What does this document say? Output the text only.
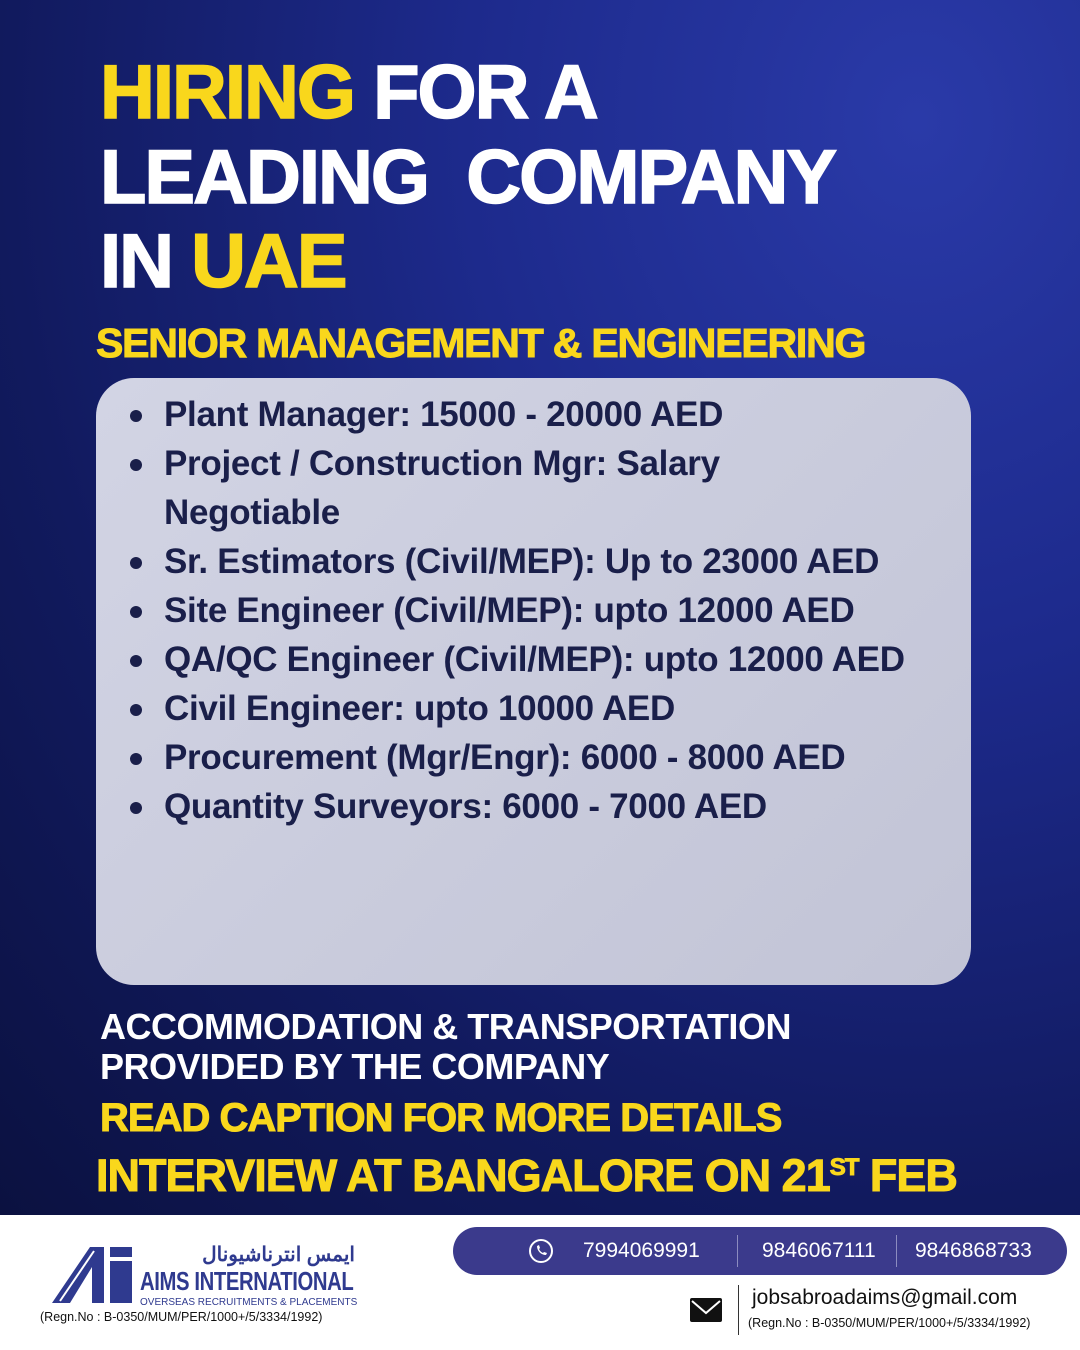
HIRING FOR A
LEADING  COMPANY
IN UAE
SENIOR MANAGEMENT & ENGINEERING
Plant Manager: 15000 - 20000 AED
Project / Construction Mgr: Salary Negotiable
Sr. Estimators (Civil/MEP): Up to 23000 AED
Site Engineer (Civil/MEP): upto 12000 AED
QA/QC Engineer (Civil/MEP): upto 12000 AED
Civil Engineer: upto 10000 AED
Procurement (Mgr/Engr): 6000 - 8000 AED
Quantity Surveyors: 6000 - 7000 AED
ACCOMMODATION & TRANSPORTATION
PROVIDED BY THE COMPANY
READ CAPTION FOR MORE DETAILS
INTERVIEW AT BANGALORE ON 21ST FEB
ايمس انترناشيونال
AIMS INTERNATIONAL
OVERSEAS RECRUITMENTS & PLACEMENTS
(Regn.No : B-0350/MUM/PER/1000+/5/3334/1992)
7994069991	9846067111 9846868733
jobsabroadaims@gmail.com
(Regn.No : B-0350/MUM/PER/1000+/5/3334/1992)
